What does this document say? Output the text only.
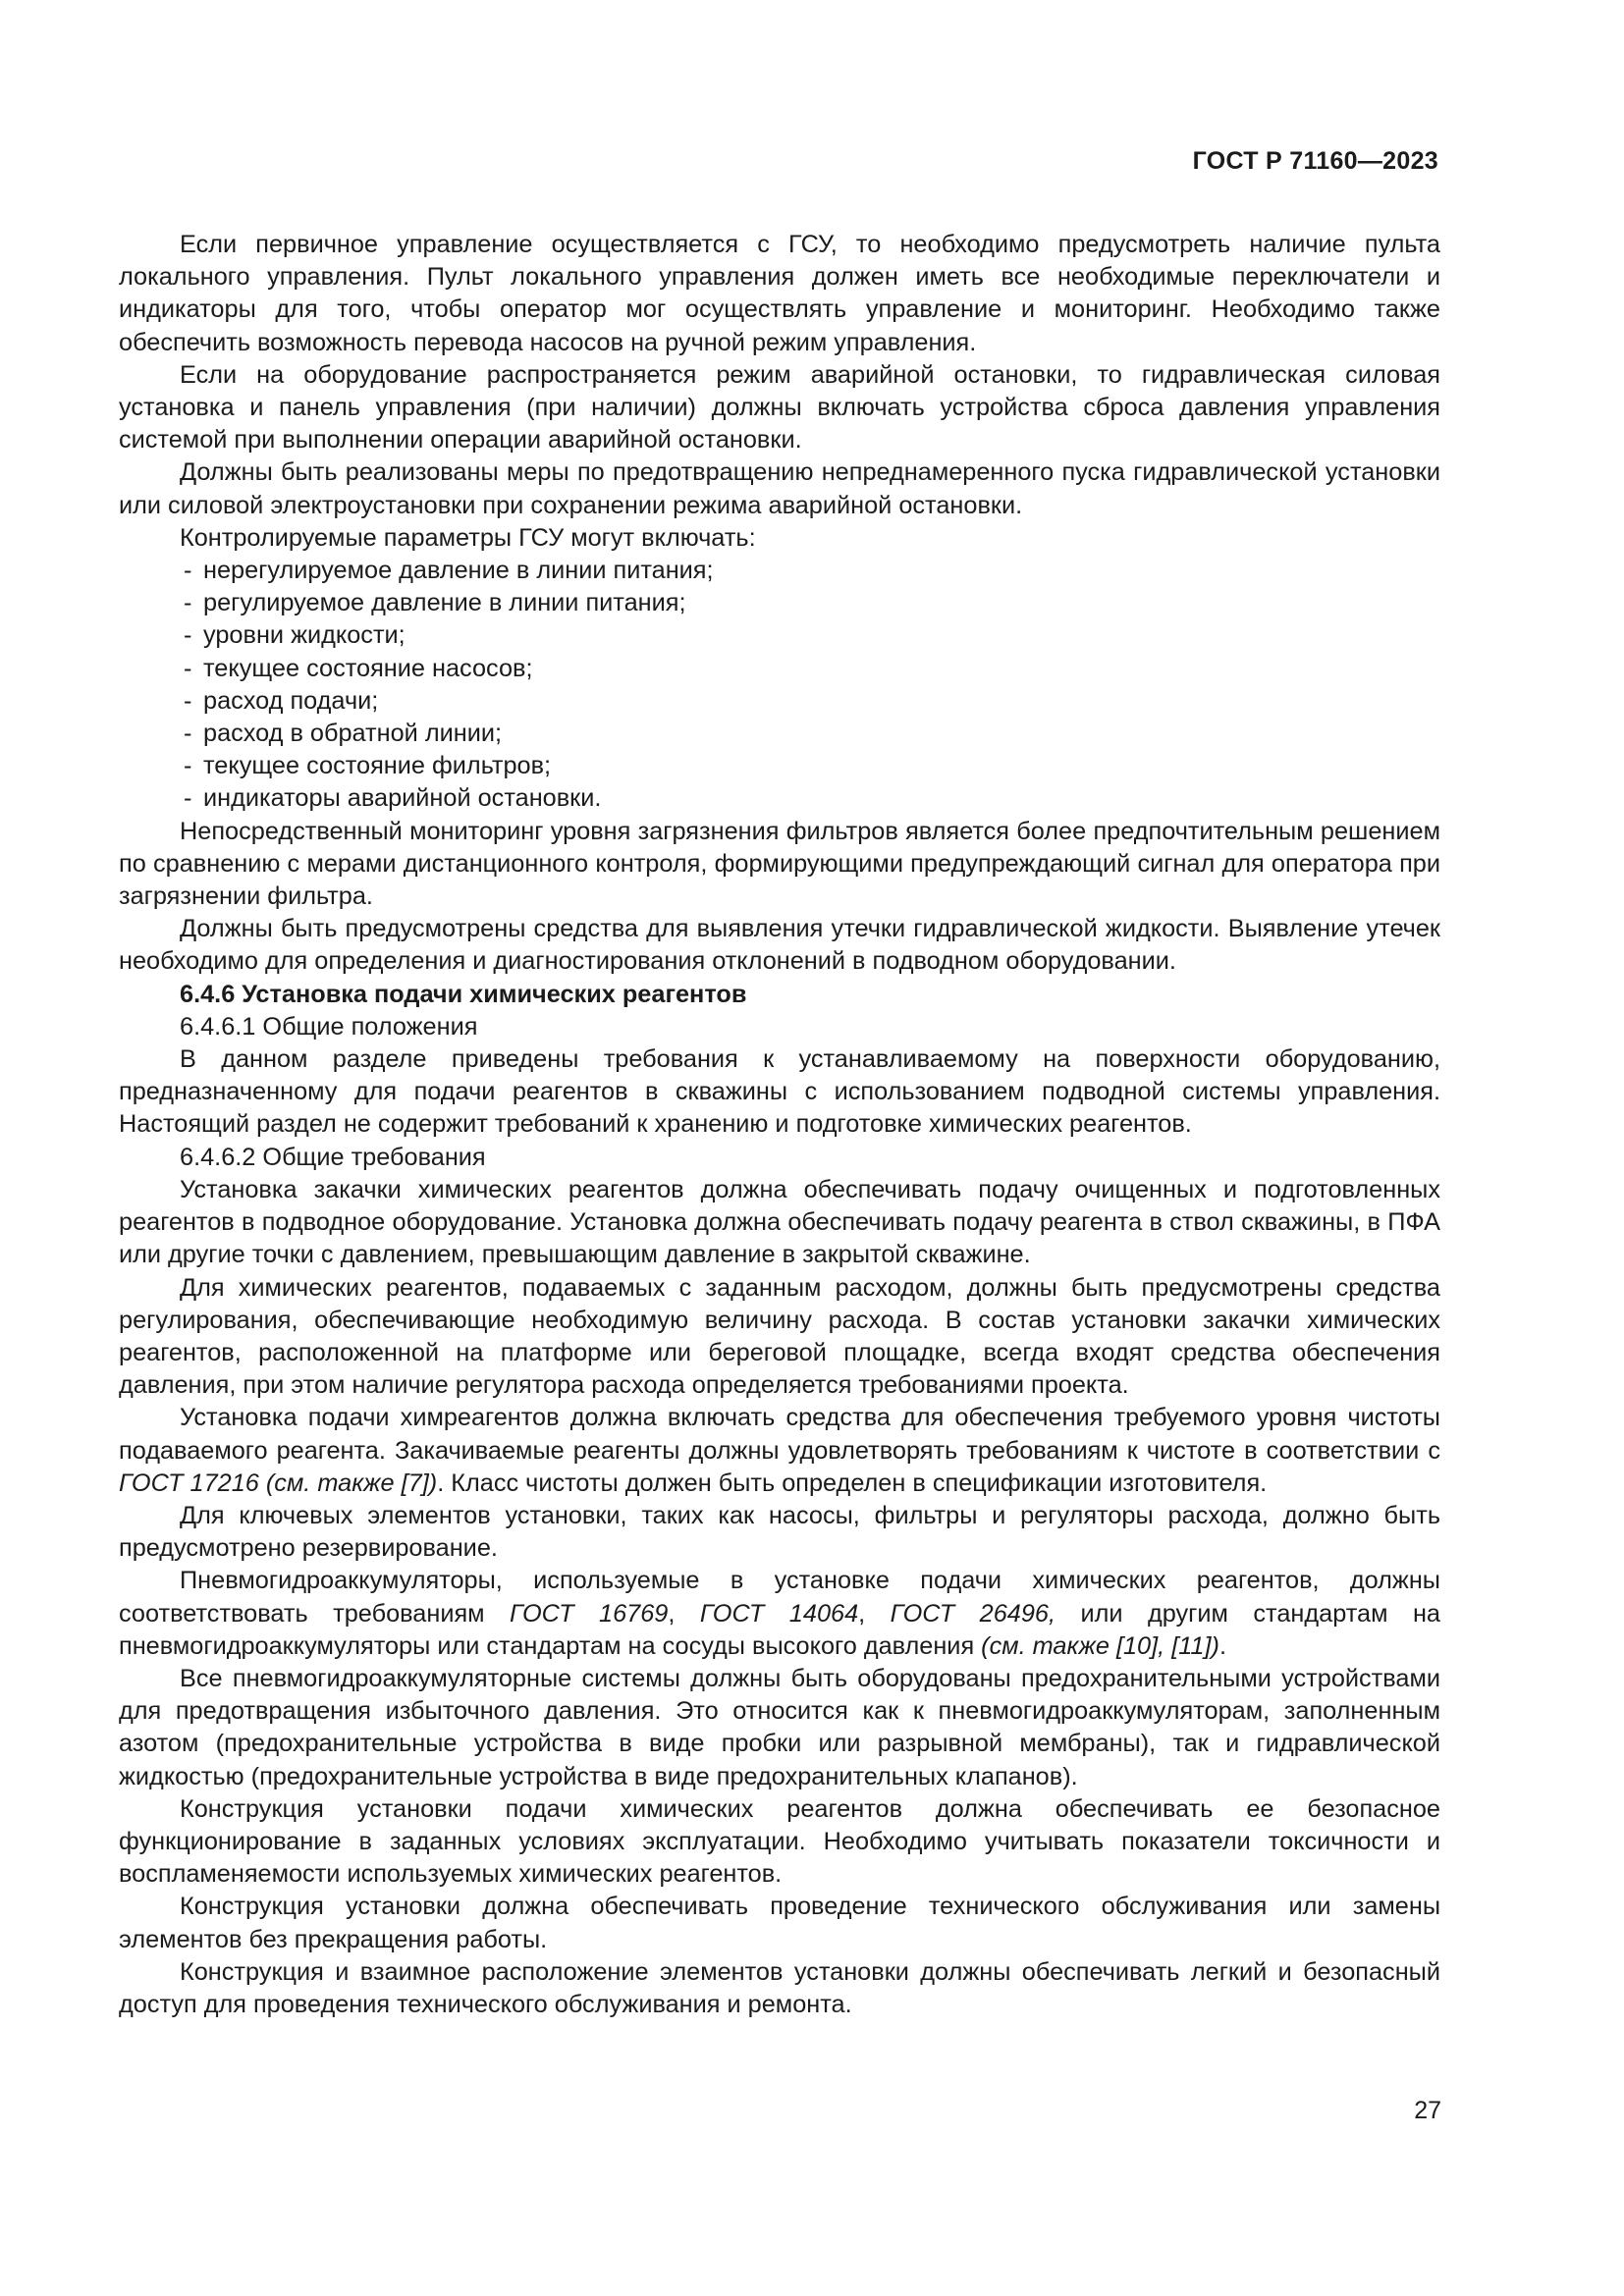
ГОСТ Р 71160—2023

Если первичное управление осуществляется с ГСУ, то необходимо предусмотреть наличие пульта локального управления. Пульт локального управления должен иметь все необходимые переключатели и индикаторы для того, чтобы оператор мог осуществлять управление и мониторинг. Необходимо также обеспечить возможность перевода насосов на ручной режим управления.

Если на оборудование распространяется режим аварийной остановки, то гидравлическая силовая установка и панель управления (при наличии) должны включать устройства сброса давления управления системой при выполнении операции аварийной остановки.

Должны быть реализованы меры по предотвращению непреднамеренного пуска гидравлической установки или силовой электроустановки при сохранении режима аварийной остановки.

Контролируемые параметры ГСУ могут включать:

- нерегулируемое давление в линии питания;
- регулируемое давление в линии питания;
- уровни жидкости;
- текущее состояние насосов;
- расход подачи;
- расход в обратной линии;
- текущее состояние фильтров;
- индикаторы аварийной остановки.

Непосредственный мониторинг уровня загрязнения фильтров является более предпочтительным решением по сравнению с мерами дистанционного контроля, формирующими предупреждающий сигнал для оператора при загрязнении фильтра.

Должны быть предусмотрены средства для выявления утечки гидравлической жидкости. Выявление утечек необходимо для определения и диагностирования отклонений в подводном оборудовании.

6.4.6 Установка подачи химических реагентов

6.4.6.1 Общие положения

В данном разделе приведены требования к устанавливаемому на поверхности оборудованию, предназначенному для подачи реагентов в скважины с использованием подводной системы управления. Настоящий раздел не содержит требований к хранению и подготовке химических реагентов.

6.4.6.2 Общие требования

Установка закачки химических реагентов должна обеспечивать подачу очищенных и подготовленных реагентов в подводное оборудование. Установка должна обеспечивать подачу реагента в ствол скважины, в ПФА или другие точки с давлением, превышающим давление в закрытой скважине.

Для химических реагентов, подаваемых с заданным расходом, должны быть предусмотрены средства регулирования, обеспечивающие необходимую величину расхода. В состав установки закачки химических реагентов, расположенной на платформе или береговой площадке, всегда входят средства обеспечения давления, при этом наличие регулятора расхода определяется требованиями проекта.

Установка подачи химреагентов должна включать средства для обеспечения требуемого уровня чистоты подаваемого реагента. Закачиваемые реагенты должны удовлетворять требованиям к чистоте в соответствии с ГОСТ 17216 (см. также [7]). Класс чистоты должен быть определен в спецификации изготовителя.

Для ключевых элементов установки, таких как насосы, фильтры и регуляторы расхода, должно быть предусмотрено резервирование.

Пневмогидроаккумуляторы, используемые в установке подачи химических реагентов, должны соответствовать требованиям ГОСТ 16769, ГОСТ 14064, ГОСТ 26496, или другим стандартам на пневмогидроаккумуляторы или стандартам на сосуды высокого давления (см. также [10], [11]).

Все пневмогидроаккумуляторные системы должны быть оборудованы предохранительными устройствами для предотвращения избыточного давления. Это относится как к пневмогидроаккумуляторам, заполненным азотом (предохранительные устройства в виде пробки или разрывной мембраны), так и гидравлической жидкостью (предохранительные устройства в виде предохранительных клапанов).

Конструкция установки подачи химических реагентов должна обеспечивать ее безопасное функционирование в заданных условиях эксплуатации. Необходимо учитывать показатели токсичности и воспламеняемости используемых химических реагентов.

Конструкция установки должна обеспечивать проведение технического обслуживания или замены элементов без прекращения работы.

Конструкция и взаимное расположение элементов установки должны обеспечивать легкий и безопасный доступ для проведения технического обслуживания и ремонта.

27
